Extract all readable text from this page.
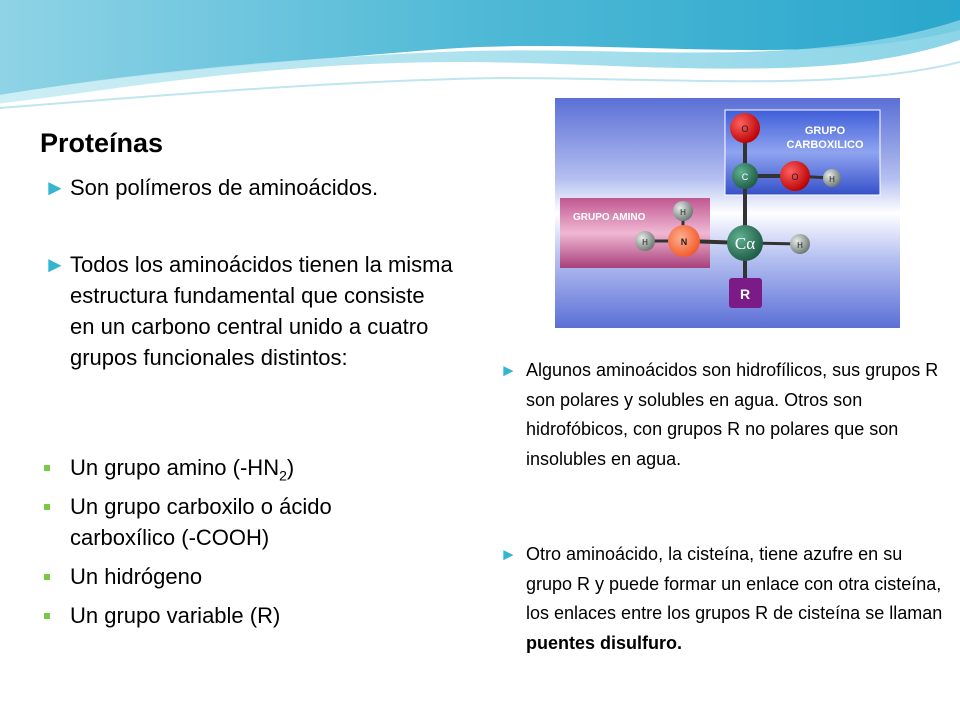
Proteínas
► Son polímeros de aminoácidos.
► Todos los aminoácidos tienen la misma estructura fundamental que consiste en un carbono central unido a cuatro grupos funcionales distintos:
Un grupo amino $(-HN_2)$
Un grupo carboxilo o ácido carboxílico (-COOH)
Un hidrógeno
Un grupo variable (R)
GRUPO
CARBOXILICO
GRUPO AMINO
O
C	O	H
H
H	N	Cα	H
R
► Algunos aminoácidos son hidrofílicos, sus grupos R son polares y solubles en agua. Otros son hidrofóbicos, con grupos R no polares que son insolubles en agua.
► Otro aminoácido, la cisteína, tiene azufre en su grupo R y puede formar un enlace con otra cisteína, los enlaces entre los grupos R de cisteína se llaman puentes disulfuro.
